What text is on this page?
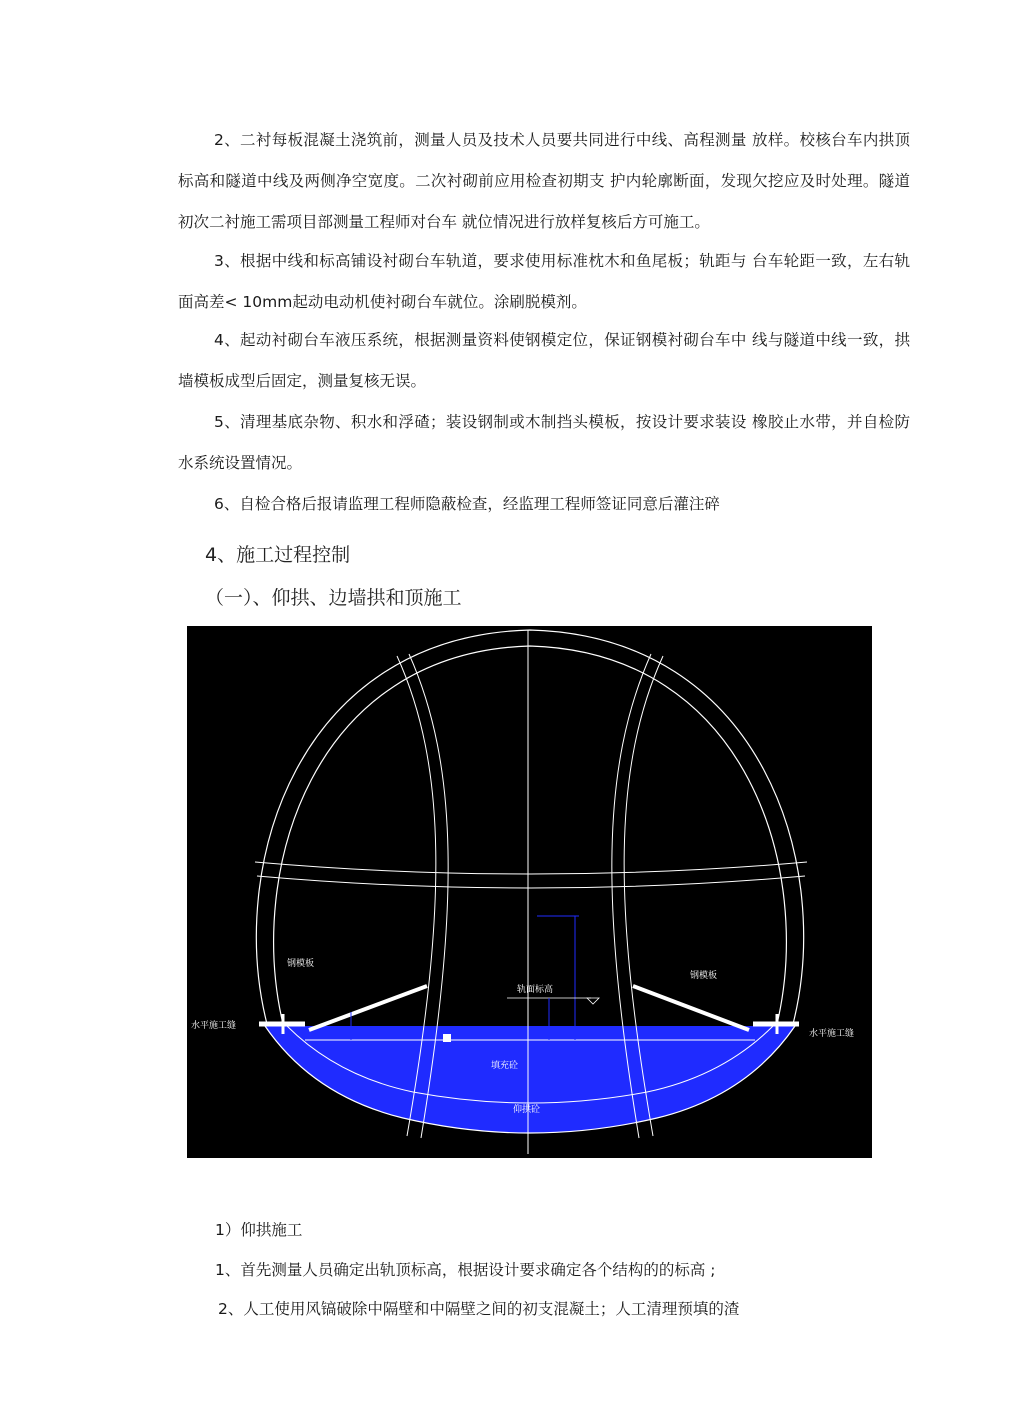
2、二衬每板混凝土浇筑前，测量人员及技术人员要共同进行中线、高程测量 放样。校核台车内拱顶标高和隧道中线及两侧净空宽度。二次衬砌前应用检查初期支 护内轮廓断面，发现欠挖应及时处理。隧道初次二衬施工需项目部测量工程师对台车 就位情况进行放样复核后方可施工。

3、根据中线和标高铺设衬砌台车轨道，要求使用标准枕木和鱼尾板；轨距与 台车轮距一致，左右轨面高差< 10mm起动电动机使衬砌台车就位。涂刷脱模剂。

4、起动衬砌台车液压系统，根据测量资料使钢模定位，保证钢模衬砌台车中 线与隧道中线一致，拱墙模板成型后固定，测量复核无误。

5、清理基底杂物、积水和浮碴；装设钢制或木制挡头模板，按设计要求装设 橡胶止水带，并自检防水系统设置情况。

6、自检合格后报请监理工程师隐蔽检查，经监理工程师签证同意后灌注碎

4、施工过程控制
（一）、仰拱、边墙拱和顶施工
钢模板
钢模板
轨面标高
水平施工缝
水平施工缝
填充砼
仰拱砼
1）仰拱施工
1、首先测量人员确定出轨顶标高，根据设计要求确定各个结构的的标高 ;
2、人工使用风镐破除中隔壁和中隔壁之间的初支混凝土；人工清理预填的渣
